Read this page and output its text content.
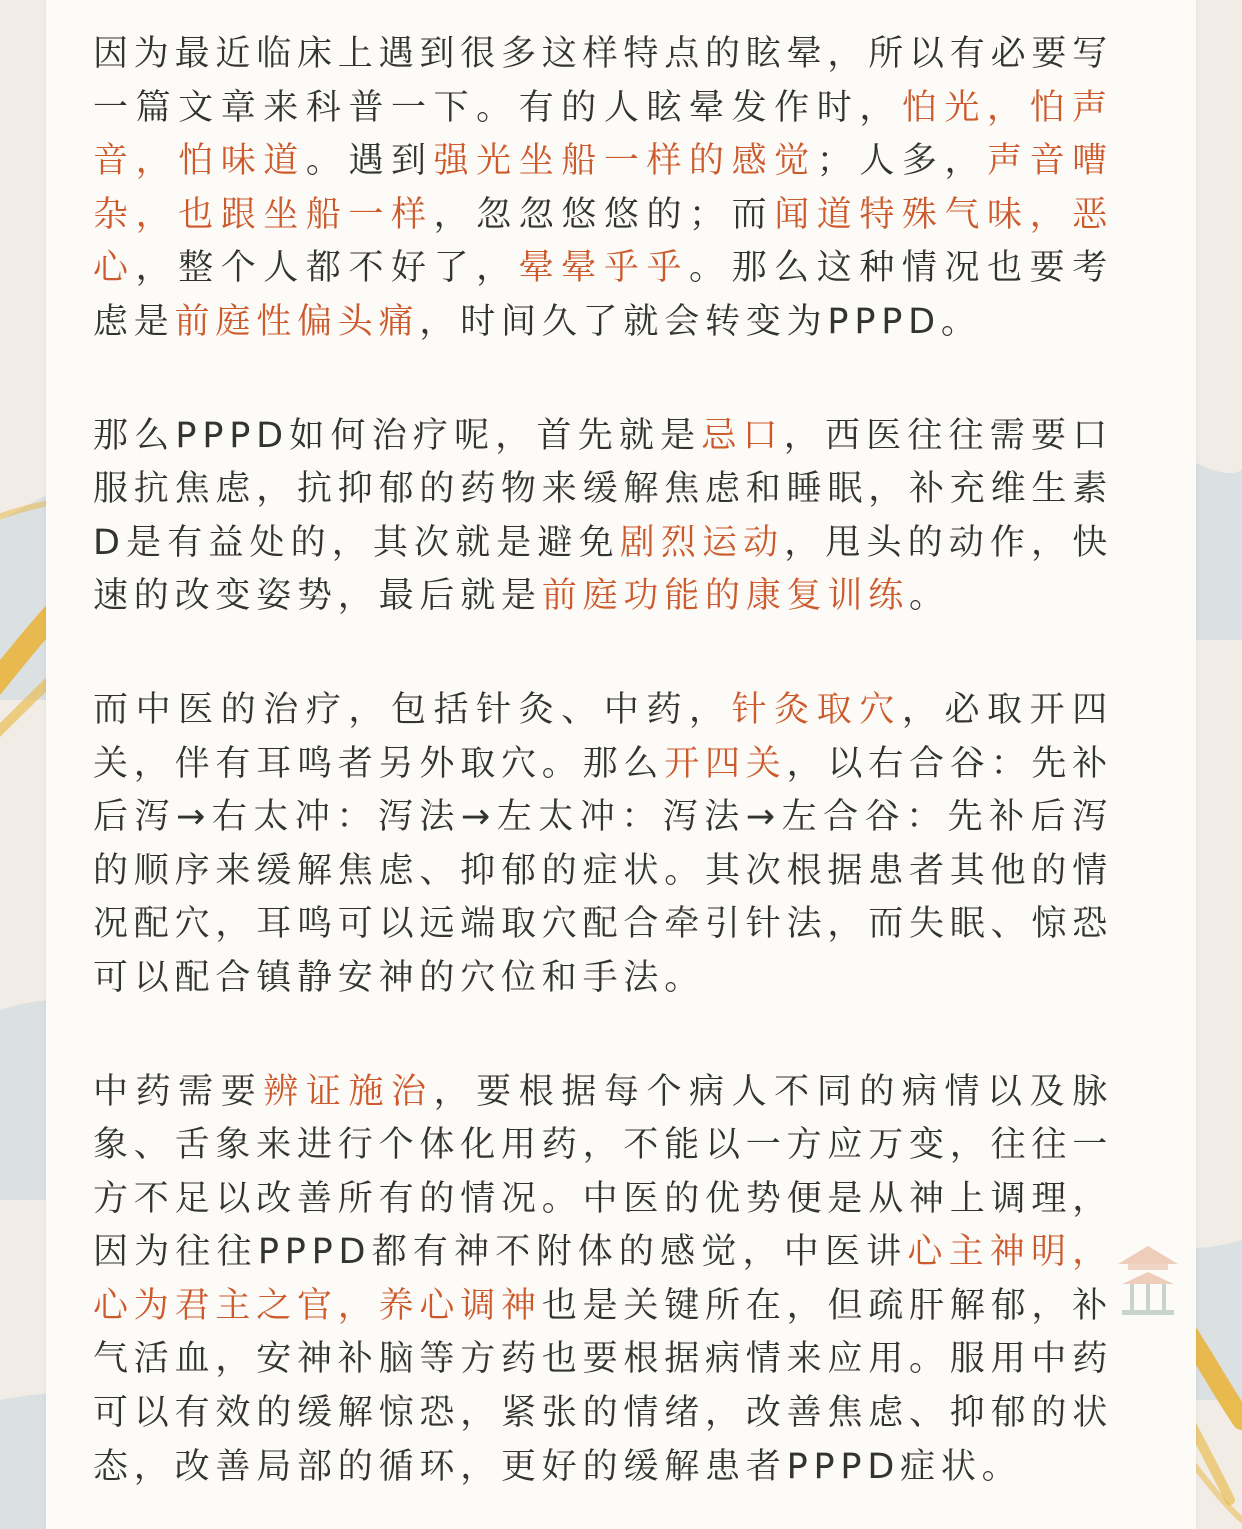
因为最近临床上遇到很多这样特点的眩晕，所以有必要写一篇文章来科普一下。有的人眩晕发作时，怕光，怕声音，怕味道。遇到强光坐船一样的感觉；人多，声音嘈杂，也跟坐船一样，忽忽悠悠的；而闻道特殊气味，恶心，整个人都不好了，晕晕乎乎。那么这种情况也要考虑是前庭性偏头痛，时间久了就会转变为PPPD。

那么PPPD如何治疗呢，首先就是忌口，西医往往需要口服抗焦虑，抗抑郁的药物来缓解焦虑和睡眠，补充维生素D是有益处的，其次就是避免剧烈运动，甩头的动作，快速的改变姿势，最后就是前庭功能的康复训练。

而中医的治疗，包括针灸、中药，针灸取穴，必取开四关，伴有耳鸣者另外取穴。那么开四关，以右合谷：先补后泻→右太冲：泻法→左太冲：泻法→左合谷：先补后泻的顺序来缓解焦虑、抑郁的症状。其次根据患者其他的情况配穴，耳鸣可以远端取穴配合牵引针法，而失眠、惊恐可以配合镇静安神的穴位和手法。

中药需要辨证施治，要根据每个病人不同的病情以及脉象、舌象来进行个体化用药，不能以一方应万变，往往一方不足以改善所有的情况。中医的优势便是从神上调理，因为往往PPPD都有神不附体的感觉，中医讲心主神明，心为君主之官，养心调神也是关键所在，但疏肝解郁，补气活血，安神补脑等方药也要根据病情来应用。服用中药可以有效的缓解惊恐，紧张的情绪，改善焦虑、抑郁的状态，改善局部的循环，更好的缓解患者PPPD症状。
